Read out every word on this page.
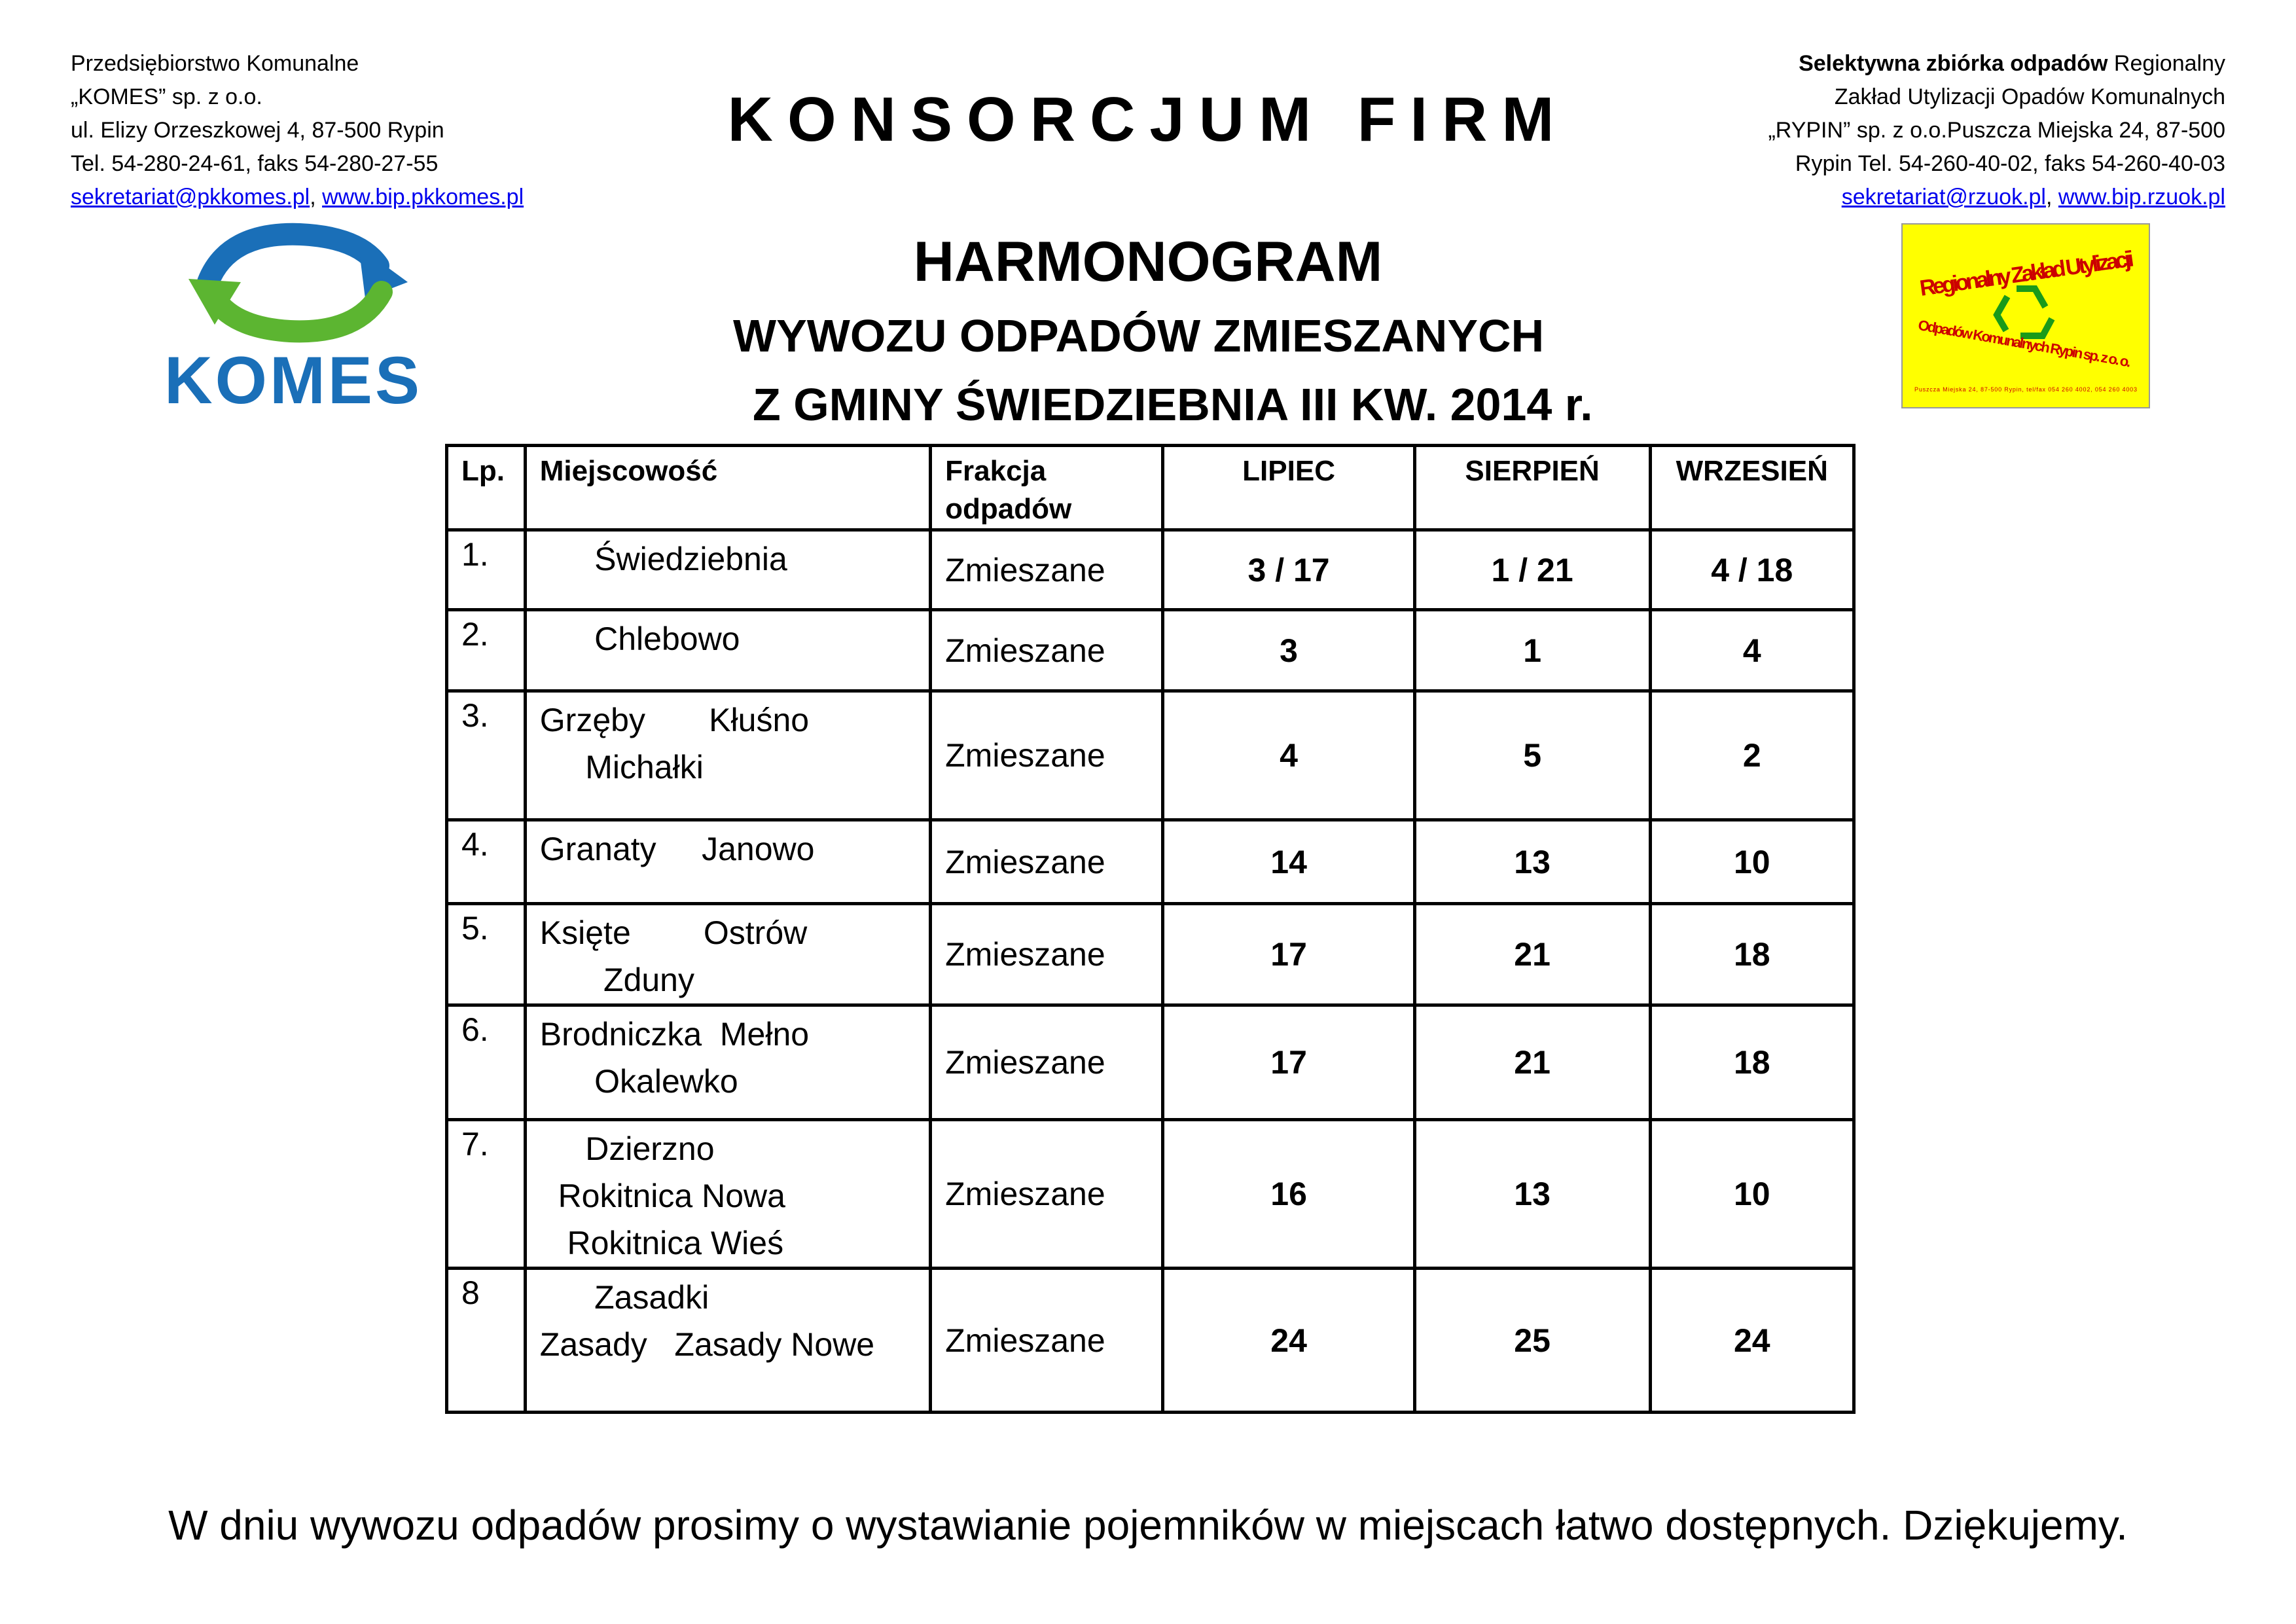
Przedsiębiorstwo Komunalne
„KOMES” sp. z o.o.
ul. Elizy Orzeszkowej 4, 87-500 Rypin
Tel. 54-280-24-61, faks 54-280-27-55
sekretariat@pkkomes.pl, www.bip.pkkomes.pl
Selektywna zbiórka odpadów Regionalny
Zakład Utylizacji Opadów Komunalnych
„RYPIN” sp. z o.o.Puszcza Miejska 24, 87-500
Rypin Tel. 54-260-40-02, faks 54-260-40-03
sekretariat@rzuok.pl, www.bip.rzuok.pl
KONSORCJUM FIRM
HARMONOGRAM
WYWOZU ODPADÓW ZMIESZANYCH
Z GMINY ŚWIEDZIEBNIA III KW. 2014 r.
KOMES
Regionalny Zakład Utylizacji
Odpadów Komunalnych Rypin sp. z o. o.
Puszcza Miejska 24, 87-500 Rypin, tel/fax 054 260 4002, 054 260 4003
Lp.	Miejscowość	Frakcja
odpadów	LIPIEC	SIERPIEŃ	WRZESIEŃ
1.	Świedziebnia	Zmieszane	3 / 17	1 / 21	4 / 18
2.	Chlebowo	Zmieszane	3	1	4
3.	Grzęby       Kłuśno
Michałki	Zmieszane	4	5	2
4.	Granaty     Janowo	Zmieszane	14	13	10
5.	Księte        Ostrów
Zduny	Zmieszane	17	21	18
6.	Brodniczka  Mełno
Okalewko	Zmieszane	17	21	18
7.	Dzierzno
Rokitnica Nowa
Rokitnica Wieś	Zmieszane	16	13	10
8	Zasadki
Zasady   Zasady Nowe	Zmieszane	24	25	24
W dniu wywozu odpadów prosimy o wystawianie pojemników w miejscach łatwo dostępnych. Dziękujemy.
